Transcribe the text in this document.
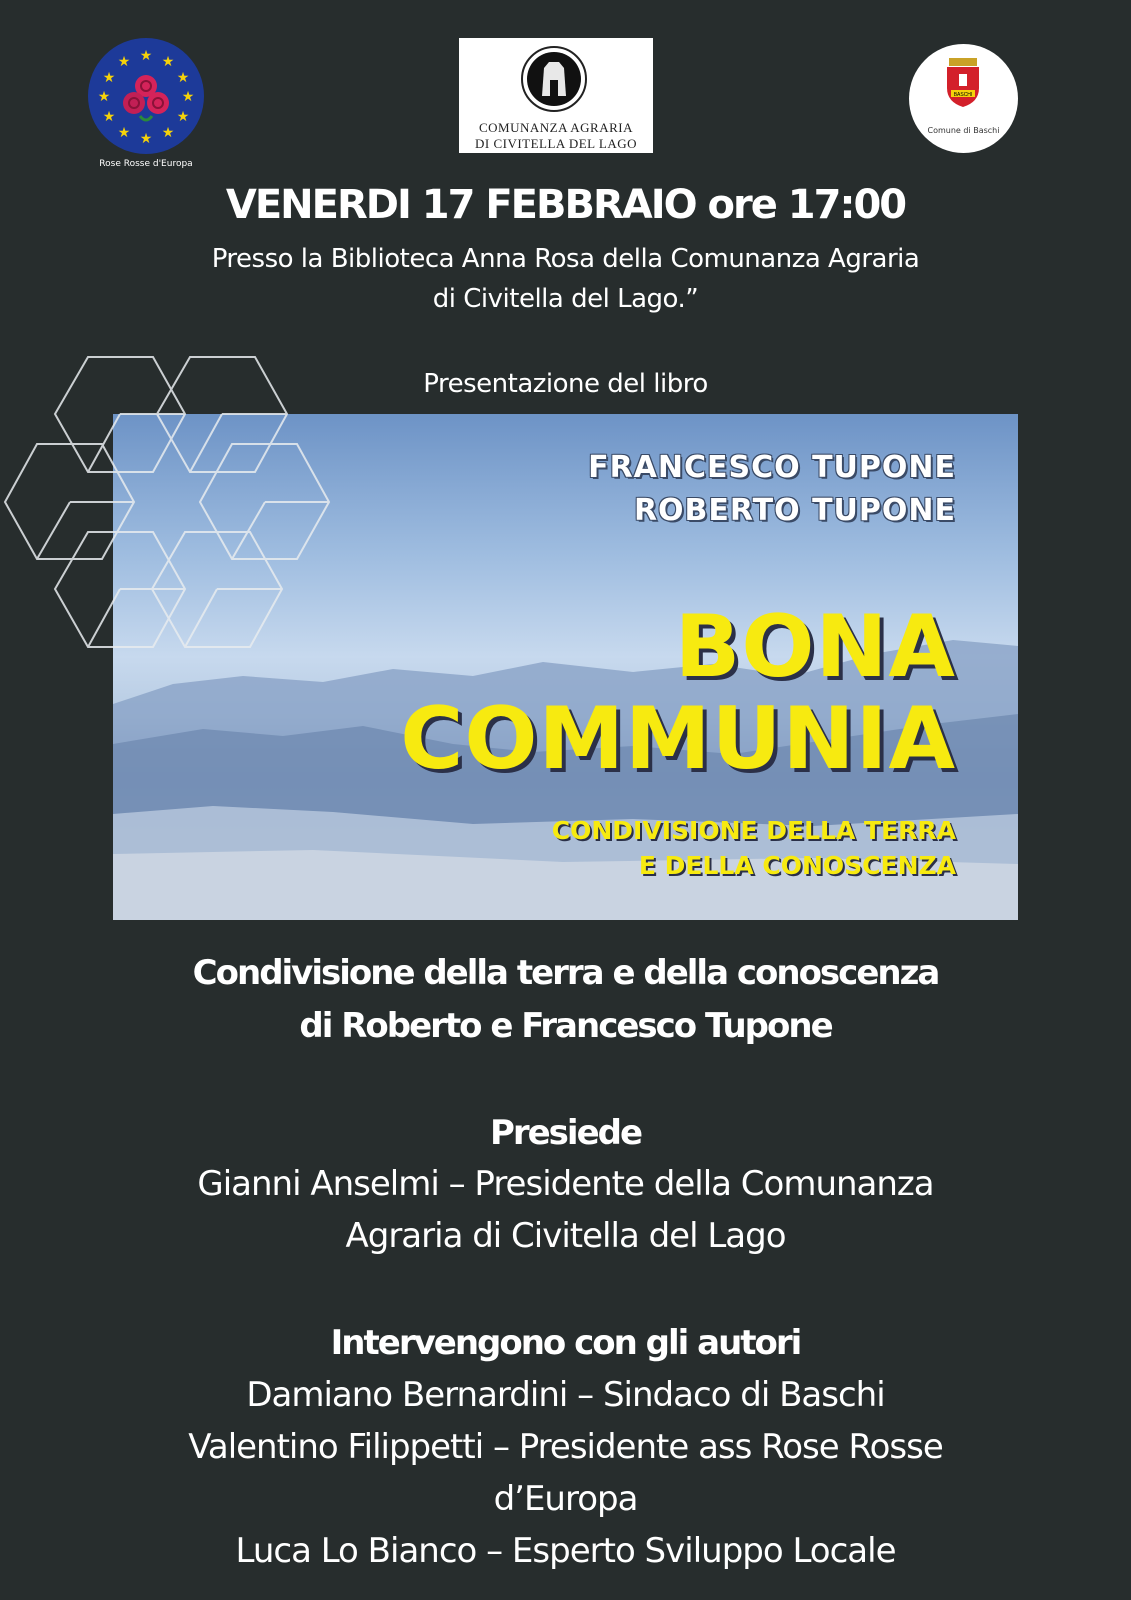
★ ★
★
★
★
★
★
★
★
★
★
★
Rose Rosse d'Europa
COMUNANZA AGRARIA
DI CIVITELLA DEL LAGO
BASCHI
Comune di Baschi
VENERDI 17 FEBBRAIO ore 17:00
Presso la Biblioteca Anna Rosa della Comunanza Agraria
di Civitella del Lago.”
FRANCESCO TUPONE
ROBERTO TUPONE
BONA
COMMUNIA
CONDIVISIONE DELLA TERRA
E DELLA CONOSCENZA
Presentazione del libro
Condivisione della terra e della conoscenza
di Roberto e Francesco Tupone
Presiede
Gianni Anselmi – Presidente della Comunanza
Agraria di Civitella del Lago
Intervengono con gli autori
Damiano Bernardini – Sindaco di Baschi
Valentino Filippetti – Presidente ass Rose Rosse
d’Europa
Luca Lo Bianco – Esperto Sviluppo Locale
